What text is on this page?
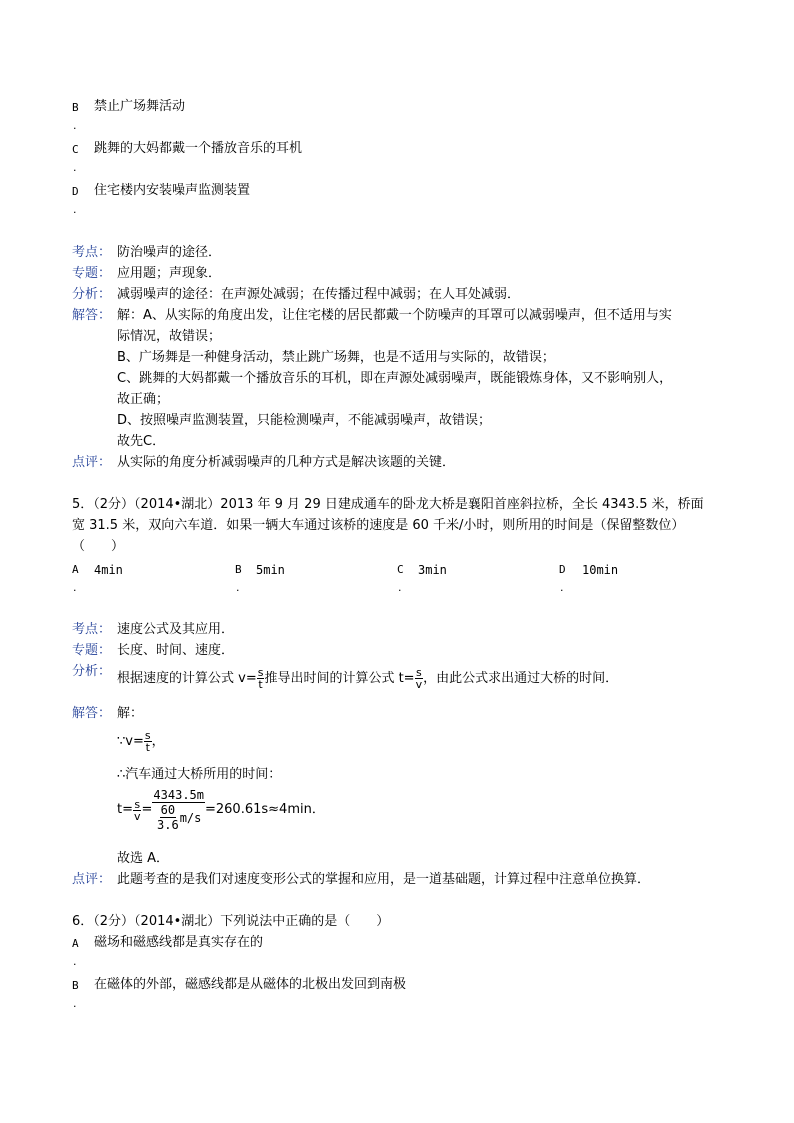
B 禁止广场舞活动
.
C 跳舞的大妈都戴一个播放音乐的耳机
.
D 住宅楼内安装噪声监测装置
.
考点： 防治噪声的途径．
专题： 应用题；声现象．
分析： 减弱噪声的途径：在声源处减弱；在传播过程中减弱；在人耳处减弱．
解答： 解：A、从实际的角度出发，让住宅楼的居民都戴一个防噪声的耳罩可以减弱噪声，但不适用与实
际情况，故错误；
B、广场舞是一种健身活动，禁止跳广场舞，也是不适用与实际的，故错误；
C、跳舞的大妈都戴一个播放音乐的耳机，即在声源处减弱噪声，既能锻炼身体，又不影响别人，
故正确；
D、按照噪声监测装置，只能检测噪声，不能减弱噪声，故错误；
故先C．
点评： 从实际的角度分析减弱噪声的几种方式是解决该题的关键．
5．（2分）（2014•湖北）2013 年 9 月 29 日建成通车的卧龙大桥是襄阳首座斜拉桥，全长 4343.5 米，桥面
宽 31.5 米，双向六车道．如果一辆大车通过该桥的速度是 60 千米/小时，则所用的时间是（保留整数位）
（　　）
A 4min
.
B 5min
.
C 3min
.
D 10min
.
考点： 速度公式及其应用．
专题： 长度、时间、速度．
分析： 根据速度的计算公式 $v= \frac{s}{t}$ 推导出时间的计算公式 $t= \frac{s}{v}$ ，由此公式求出通过大桥的时间．
解答： 解：
∵v= $\frac{s}{t}$ ，
∴汽车通过大桥所用的时间：
$t= \frac{s}{v} = \frac{4343.5m}{\frac{60}{3.6} m/s} =260.61s\approx 4\min$．
故选 A．
点评： 此题考查的是我们对速度变形公式的掌握和应用，是一道基础题，计算过程中注意单位换算．
6．（2分）（2014•湖北）下列说法中正确的是（　　）
A 磁场和磁感线都是真实存在的
.
B 在磁体的外部，磁感线都是从磁体的北极出发回到南极
.
